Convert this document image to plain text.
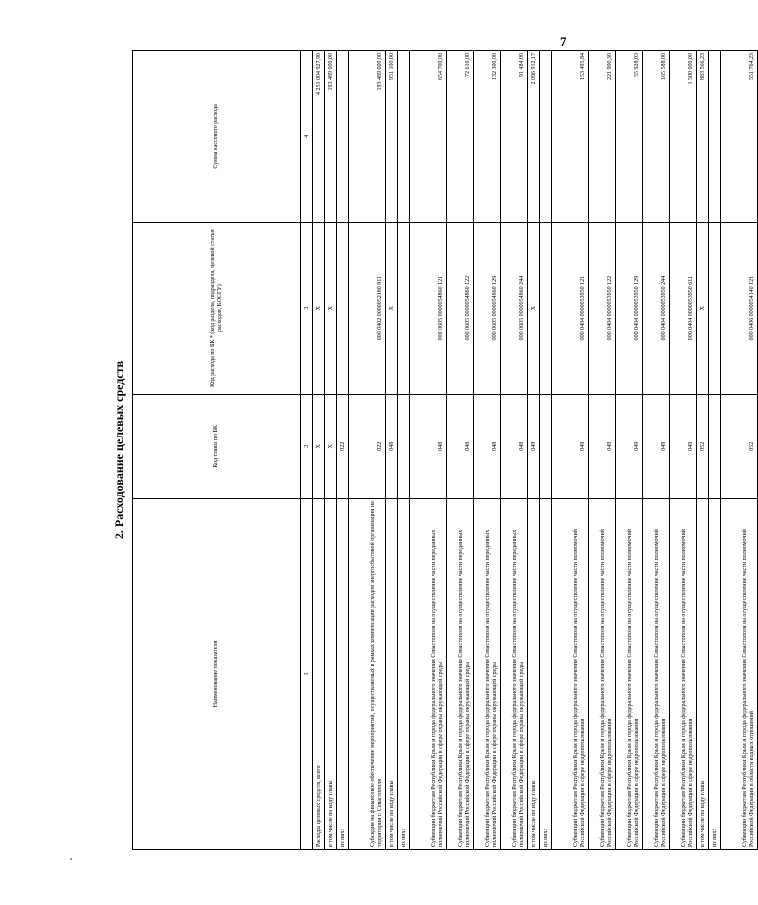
7
2. Расходование целевых средств
Наименование показателя	Код главы по БК	Код расхода по БК * (код раздела, подраздела, целевой статьи расходов, КОСГУ)	Сумма кассового расхода
1	2	3	4
Расходы целевых средств, всего	X	X	4 251 004 927,90
в том числе по коду главы	X	X	193 489 000,00
из них:	022		
Субсидия на финансовое обеспечение мероприятий, осуществляемых в рамках компенсации расходов энергосбытовой организации на территории г. Севастополя	022	000 0402 0000052180 811	193 489 000,00
в том числе по коду главы	048	X	951 100,00
из них:			
Субвенции бюджетам Республики Крым и города федерального значения Севастополя на осуществление части переданных полномочий Российской Федерации в сфере охраны окружающей среды	048	000 0605 0000054860 121	654 700,00
Субвенции бюджетам Республики Крым и города федерального значения Севастополя на осуществление части переданных полномочий Российской Федерации в сфере охраны окружающей среды	048	000 0605 0000054860 122	72 616,00
Субвенции бюджетам Республики Крым и города федерального значения Севастополя на осуществление части переданных полномочий Российской Федерации в сфере охраны окружающей среды	048	000 0605 0000054860 129	132 300,00
Субвенции бюджетам Республики Крым и города федерального значения Севастополя на осуществление части переданных полномочий Российской Федерации в сфере охраны окружающей среды	048	000 0605 0000054860 244	91 484,00
в том числе по коду главы	049	X	2 096 912,17
из них:			
Субвенции бюджетам Республики Крым и города федерального значения Севастополя на осуществление части полномочий Российской Федерации в сфере недропользования	049	000 0404 0000053950 121	153 495,84
Субвенции бюджетам Республики Крым и города федерального значения Севастополя на осуществление части полномочий Российской Федерации в сфере недропользования	049	000 0404 0000053950 122	221 900,30
Субвенции бюджетам Республики Крым и города федерального значения Севастополя на осуществление части полномочий Российской Федерации в сфере недропользования	049	000 0404 0000053950 129	55 928,03
Субвенции бюджетам Республики Крым и города федерального значения Севастополя на осуществление части полномочий Российской Федерации в сфере недропользования	049	000 0404 0000053950 244	165 588,00
Субвенции бюджетам Республики Крым и города федерального значения Севастополя на осуществление части полномочий Российской Федерации в сфере недропользования	049	000 0404 0000053950 611	1 500 000,00
в том числе по коду главы	052	X	883 566,23
из них:			
Субвенции бюджетам Республики Крым и города федерального значения Севастополя на осуществление части полномочий Российской Федерации в области водных отношений	052	000 0406 0000054140 121	551 764,23
